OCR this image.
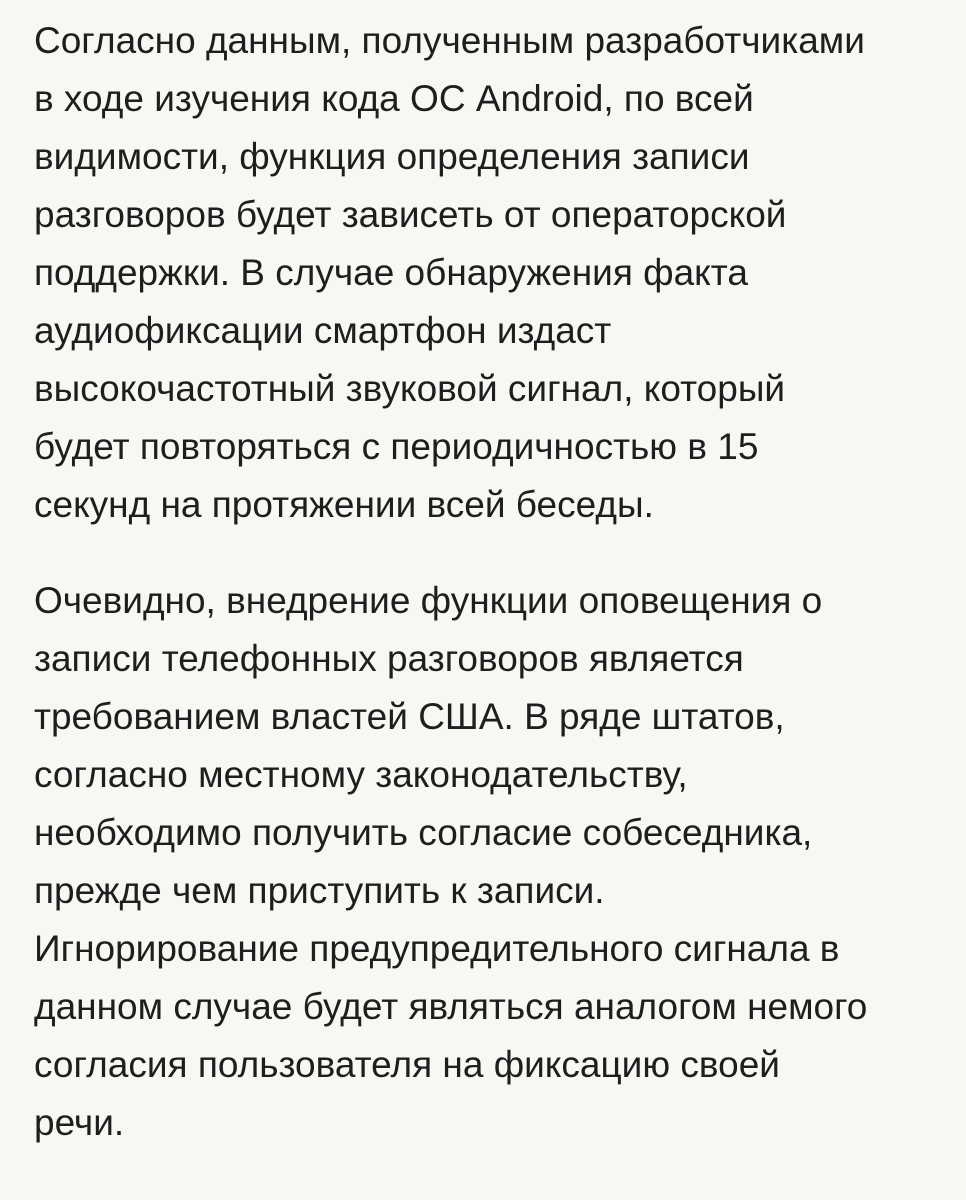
Согласно данным, полученным разработчиками
в ходе изучения кода ОС Android, по всей
видимости, функция определения записи
разговоров будет зависеть от операторской
поддержки. В случае обнаружения факта
аудиофиксации смартфон издаст
высокочастотный звуковой сигнал, который
будет повторяться с периодичностью в 15
секунд на протяжении всей беседы.

Очевидно, внедрение функции оповещения о
записи телефонных разговоров является
требованием властей США. В ряде штатов,
согласно местному законодательству,
необходимо получить согласие собеседника,
прежде чем приступить к записи.
Игнорирование предупредительного сигнала в
данном случае будет являться аналогом немого
согласия пользователя на фиксацию своей
речи.
